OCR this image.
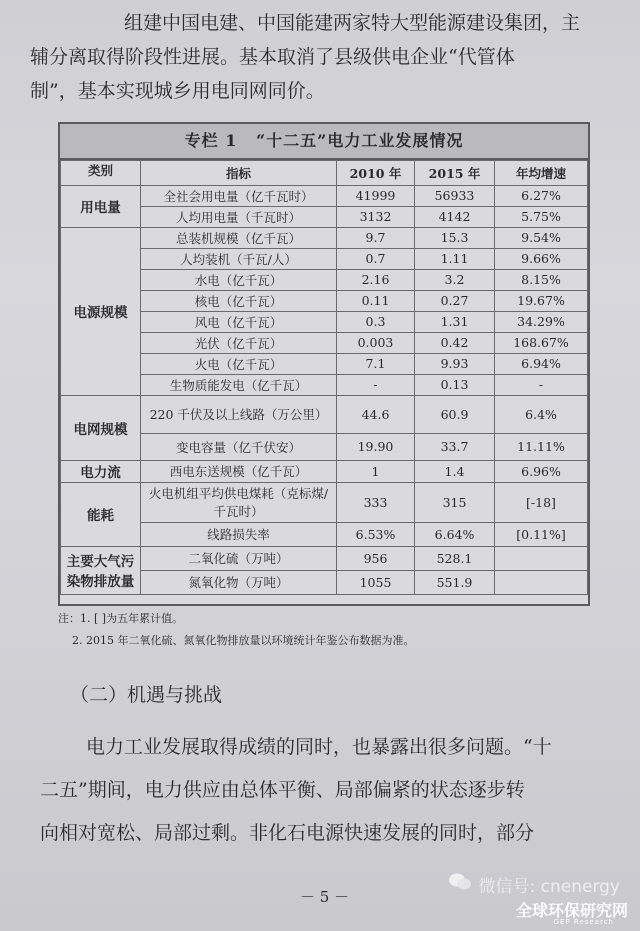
组建中国电建、中国能建两家特大型能源建设集团，主

辅分离取得阶段性进展。基本取消了县级供电企业“代管体

制”，基本实现城乡用电同网同价。

专栏 1 “十二五”电力工业发展情况
类别	指标	2010 年	2015 年	年均增速

用电量	全社会用电量（亿千瓦时）	41999	56933	6.27%
	人均用电量（千瓦时）	3132	4142	5.75%
电源规模	总装机规模（亿千瓦）	9.7	15.3	9.54%
	人均装机（千瓦/人）	0.7	1.11	9.66%
	水电（亿千瓦）	2.16	3.2	8.15%
	核电（亿千瓦）	0.11	0.27	19.67%
	风电（亿千瓦）	0.3	1.31	34.29%
	光伏（亿千瓦）	0.003	0.42	168.67%
	火电（亿千瓦）	7.1	9.93	6.94%
	生物质能发电（亿千瓦）	-	0.13	-
电网规模	220 千伏及以上线路（万公里）	44.6	60.9	6.4%
	变电容量（亿千伏安）	19.90	33.7	11.11%
电力流	西电东送规模（亿千瓦）	1	1.4	6.96%
能耗	火电机组平均供电煤耗（克标煤/千瓦时）	333	315	[-18]
	线路损失率	6.53%	6.64%	[0.11%]
主要大气污染物排放量	二氧化硫（万吨）	956	528.1	
	氮氧化物（万吨）	1055	551.9	
注：1. [ ]为五年累计值。
2. 2015 年二氧化硫、氮氧化物排放量以环境统计年鉴公布数据为准。
（二）机遇与挑战

电力工业发展取得成绩的同时，也暴露出很多问题。“十

二五”期间，电力供应由总体平衡、局部偏紧的状态逐步转

向相对宽松、局部过剩。非化石电源快速发展的同时，部分

－ 5 －	微信号: cnenergy
全球环保研究网
GEP Research
